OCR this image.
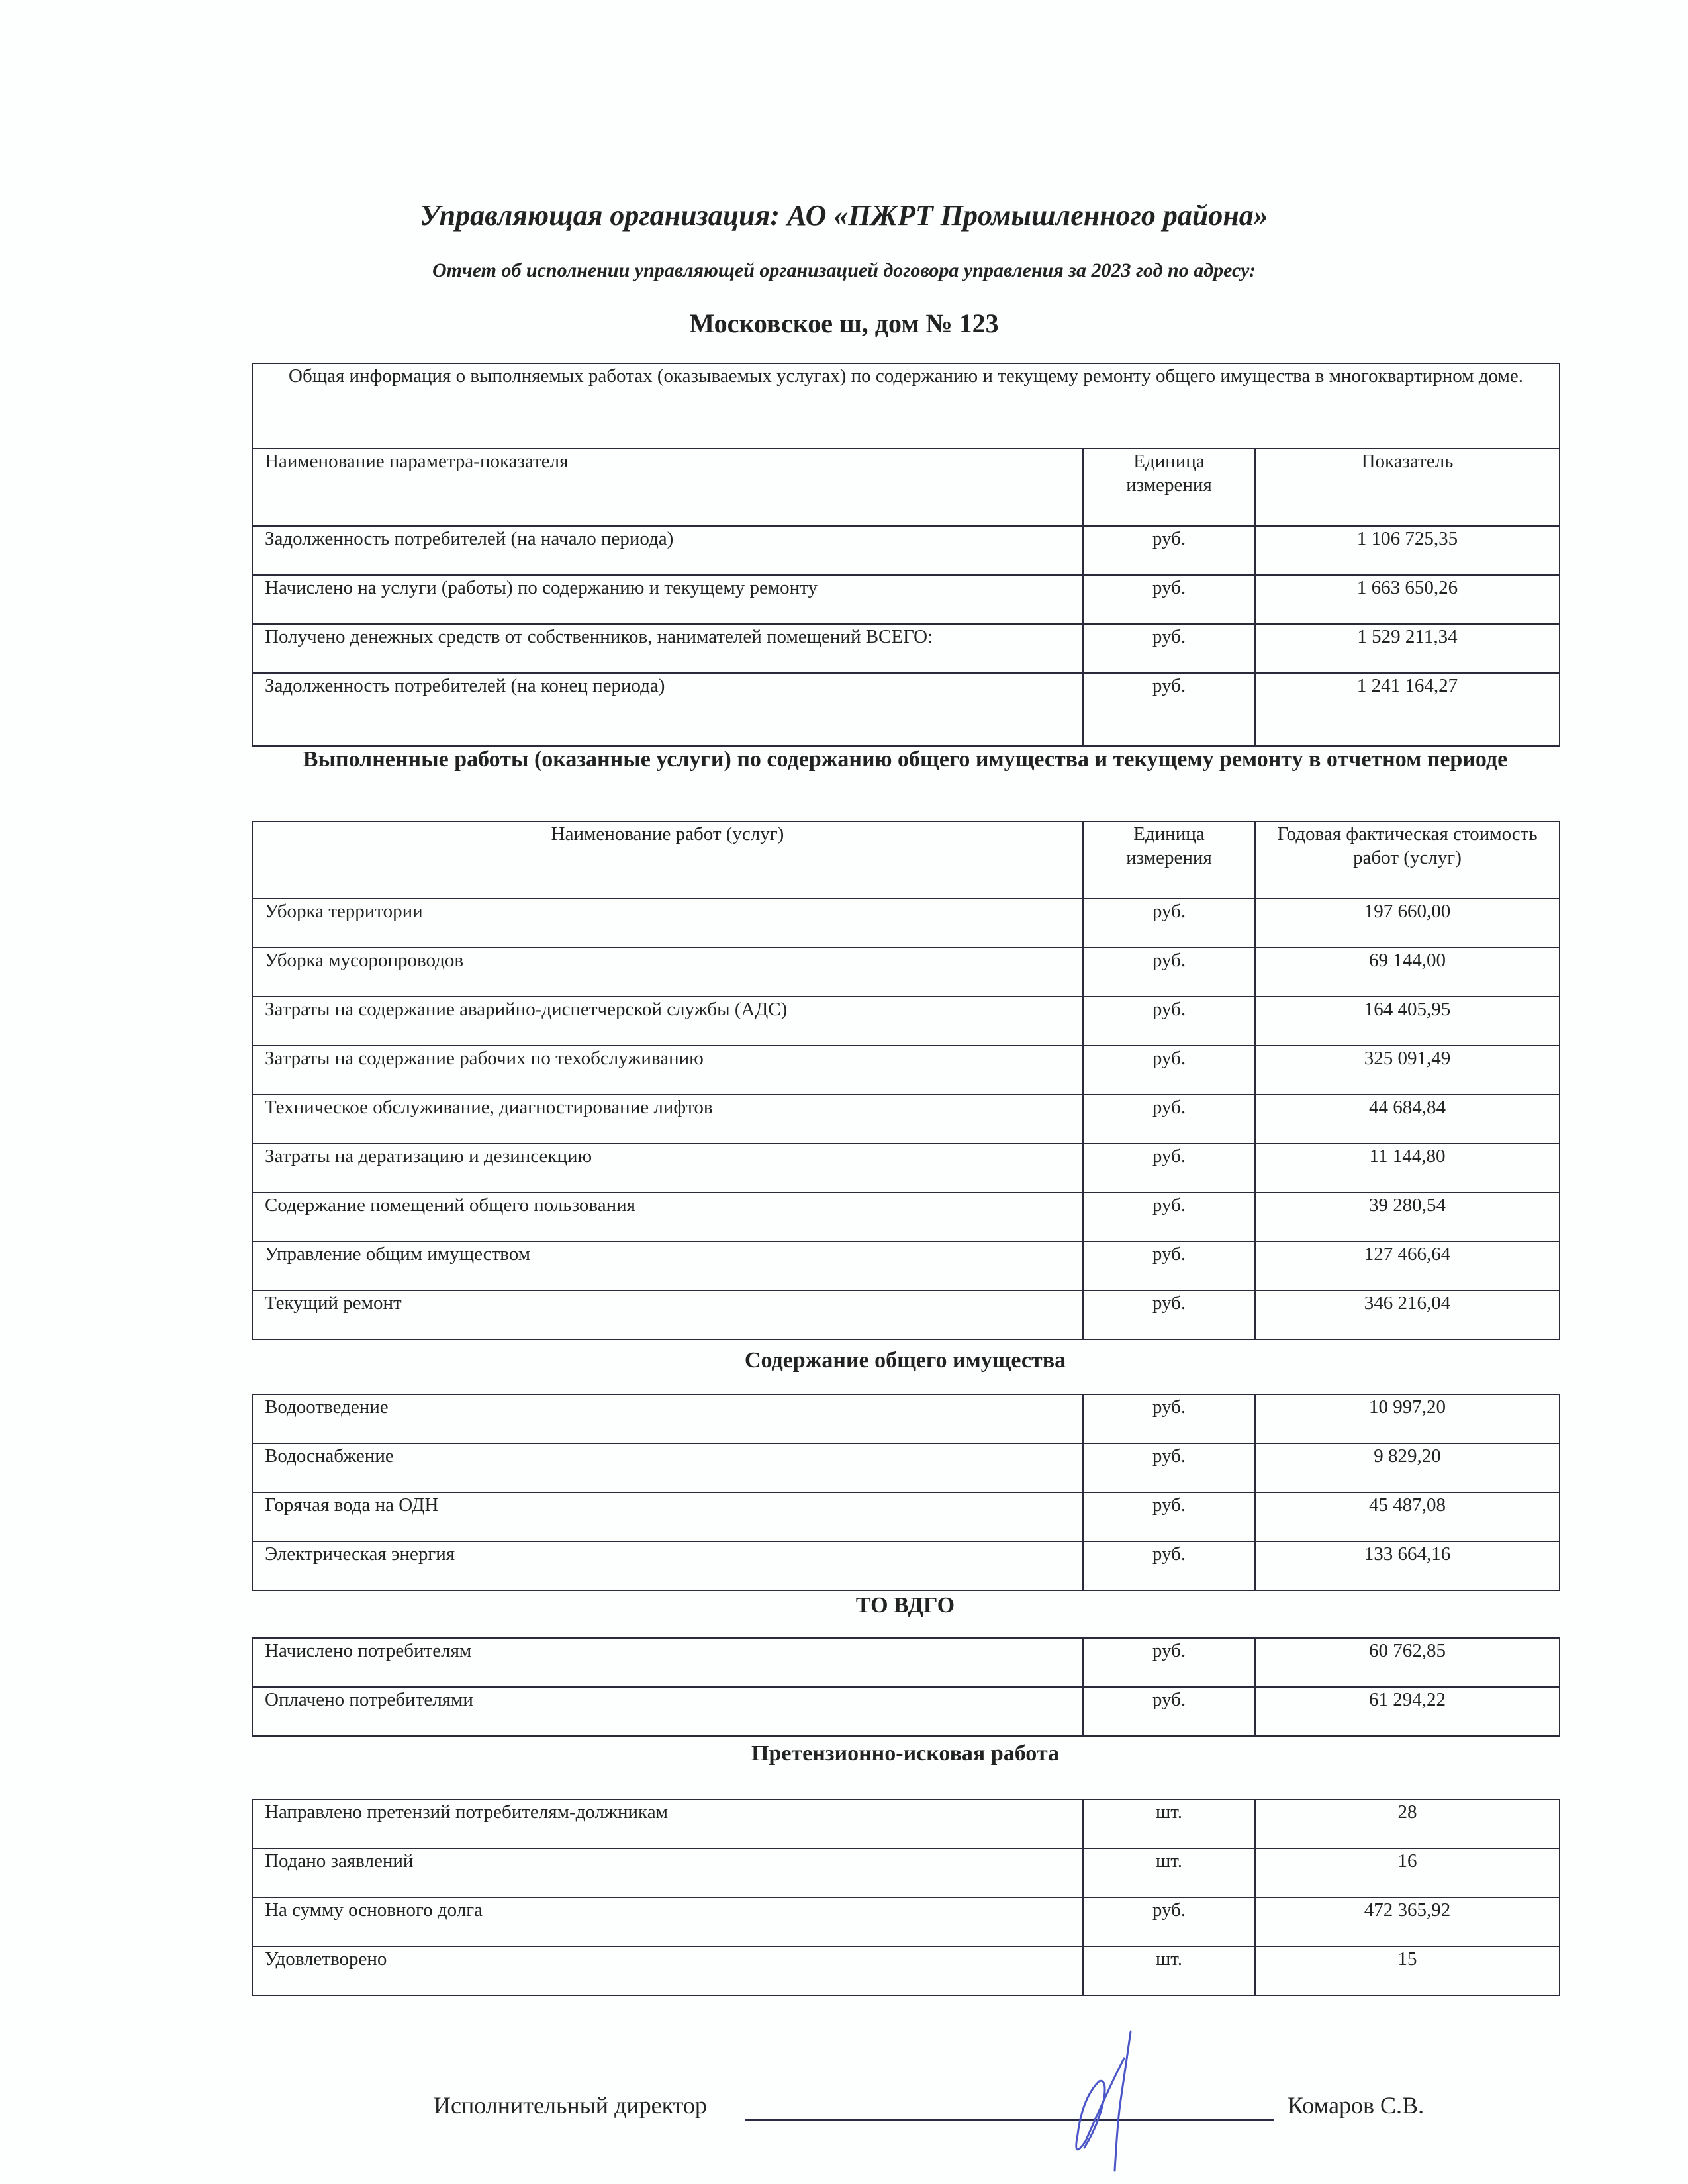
Управляющая организация: АО «ПЖРТ Промышленного района»
Отчет об исполнении управляющей организацией договора управления за 2023 год по адресу:
Московское ш, дом № 123
Общая информация о выполняемых работах (оказываемых услугах) по содержанию и текущему ремонту общего имущества в многоквартирном доме.		
Наименование параметра-показателя	Единица измерения	Показатель
Задолженность потребителей (на начало периода)	руб.	1 106 725,35
Начислено на услуги (работы) по содержанию и текущему ремонту	руб.	1 663 650,26
Получено денежных средств от собственников, нанимателей помещений ВСЕГО:	руб.	1 529 211,34
Задолженность потребителей (на конец периода)	руб.	1 241 164,27
Выполненные работы (оказанные услуги) по содержанию общего имущества и текущему ремонту в отчетном периоде
Наименование работ (услуг)	Единица измерения	Годовая фактическая стоимость работ (услуг)
Уборка территории	руб.	197 660,00
Уборка мусоропроводов	руб.	69 144,00
Затраты на содержание аварийно-диспетчерской службы (АДС)	руб.	164 405,95
Затраты на содержание рабочих по техобслуживанию	руб.	325 091,49
Техническое обслуживание, диагностирование лифтов	руб.	44 684,84
Затраты на дератизацию и дезинсекцию	руб.	11 144,80
Содержание помещений общего пользования	руб.	39 280,54
Управление общим имуществом	руб.	127 466,64
Текущий ремонт	руб.	346 216,04
Содержание общего имущества
Водоотведение	руб.	10 997,20
Водоснабжение	руб.	9 829,20
Горячая вода на ОДН	руб.	45 487,08
Электрическая энергия	руб.	133 664,16
ТО ВДГО
Начислено потребителям	руб.	60 762,85
Оплачено потребителями	руб.	61 294,22
Претензионно-исковая работа
Направлено претензий потребителям-должникам	шт.	28
Подано заявлений	шт.	16
На сумму основного долга	руб.	472 365,92
Удовлетворено	шт.	15
Исполнительный директор	Комаров С.В.
